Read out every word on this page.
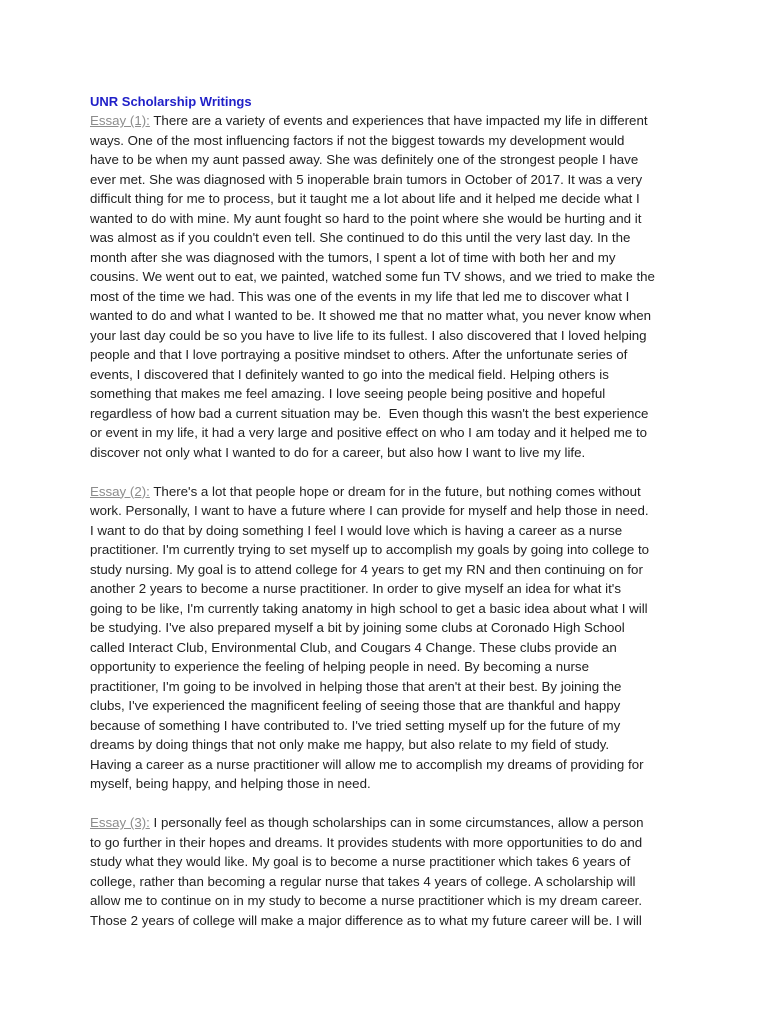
UNR Scholarship Writings
Essay (1): There are a variety of events and experiences that have impacted my life in different
ways. One of the most influencing factors if not the biggest towards my development would
have to be when my aunt passed away. She was definitely one of the strongest people I have
ever met. She was diagnosed with 5 inoperable brain tumors in October of 2017. It was a very
difficult thing for me to process, but it taught me a lot about life and it helped me decide what I
wanted to do with mine. My aunt fought so hard to the point where she would be hurting and it
was almost as if you couldn't even tell. She continued to do this until the very last day. In the
month after she was diagnosed with the tumors, I spent a lot of time with both her and my
cousins. We went out to eat, we painted, watched some fun TV shows, and we tried to make the
most of the time we had. This was one of the events in my life that led me to discover what I
wanted to do and what I wanted to be. It showed me that no matter what, you never know when
your last day could be so you have to live life to its fullest. I also discovered that I loved helping
people and that I love portraying a positive mindset to others. After the unfortunate series of
events, I discovered that I definitely wanted to go into the medical field. Helping others is
something that makes me feel amazing. I love seeing people being positive and hopeful
regardless of how bad a current situation may be.  Even though this wasn't the best experience
or event in my life, it had a very large and positive effect on who I am today and it helped me to
discover not only what I wanted to do for a career, but also how I want to live my life.
Essay (2): There's a lot that people hope or dream for in the future, but nothing comes without
work. Personally, I want to have a future where I can provide for myself and help those in need.
I want to do that by doing something I feel I would love which is having a career as a nurse
practitioner. I'm currently trying to set myself up to accomplish my goals by going into college to
study nursing. My goal is to attend college for 4 years to get my RN and then continuing on for
another 2 years to become a nurse practitioner. In order to give myself an idea for what it's
going to be like, I'm currently taking anatomy in high school to get a basic idea about what I will
be studying. I've also prepared myself a bit by joining some clubs at Coronado High School
called Interact Club, Environmental Club, and Cougars 4 Change. These clubs provide an
opportunity to experience the feeling of helping people in need. By becoming a nurse
practitioner, I'm going to be involved in helping those that aren't at their best. By joining the
clubs, I've experienced the magnificent feeling of seeing those that are thankful and happy
because of something I have contributed to. I've tried setting myself up for the future of my
dreams by doing things that not only make me happy, but also relate to my field of study.
Having a career as a nurse practitioner will allow me to accomplish my dreams of providing for
myself, being happy, and helping those in need.
Essay (3): I personally feel as though scholarships can in some circumstances, allow a person
to go further in their hopes and dreams. It provides students with more opportunities to do and
study what they would like. My goal is to become a nurse practitioner which takes 6 years of
college, rather than becoming a regular nurse that takes 4 years of college. A scholarship will
allow me to continue on in my study to become a nurse practitioner which is my dream career.
Those 2 years of college will make a major difference as to what my future career will be. I will
